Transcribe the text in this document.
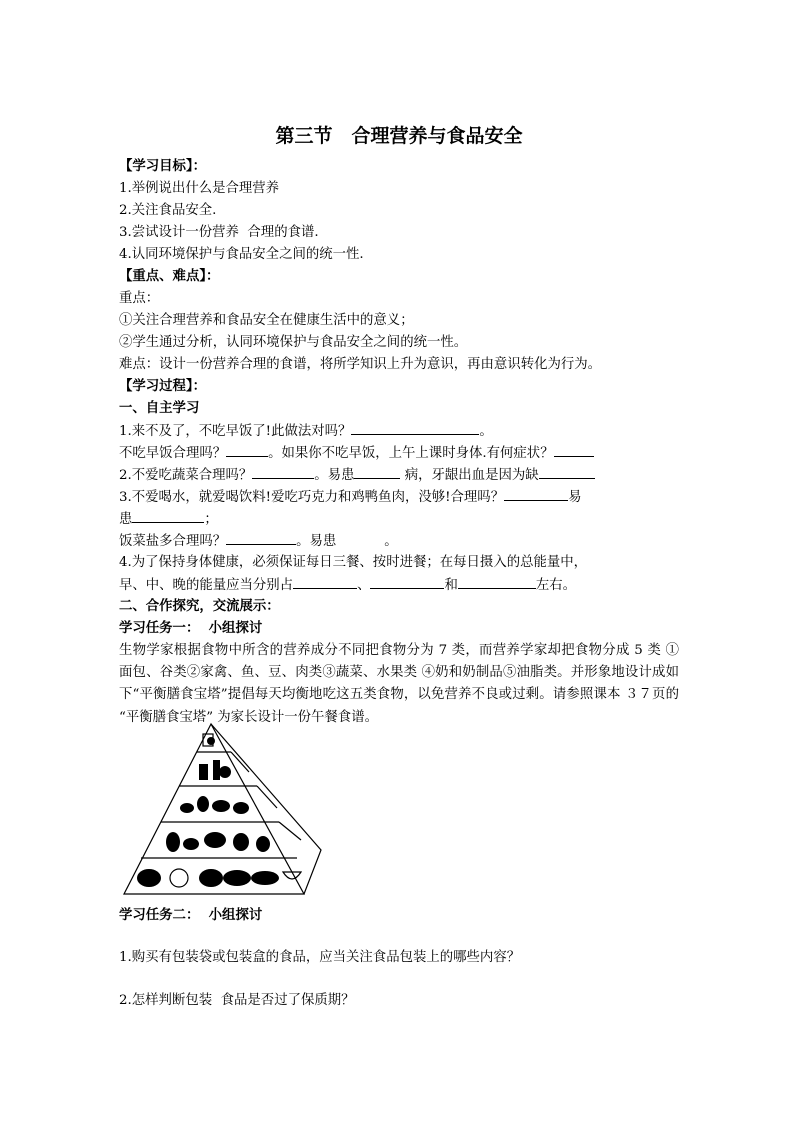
第三节　合理营养与食品安全
【学习目标】：
1.举例说出什么是合理营养
2.关注食品安全.
3.尝试设计一份营养  合理的食谱.
4.认同环境保护与食品安全之间的统一性.
【重点、难点】：
重点：
①关注合理营养和食品安全在健康生活中的意义；
②学生通过分析，认同环境保护与食品安全之间的统一性。
难点：设计一份营养合理的食谱，将所学知识上升为意识，再由意识转化为行为。
【学习过程】：
一、自主学习
1.来不及了，不吃早饭了!此做法对吗？	。
不吃早饭合理吗？	。如果你不吃早饭，上午上课时身体.有何症状？
2.不爱吃蔬菜合理吗？	。易患	病，牙龈出血是因为缺
3.不爱喝水，就爱喝饮料!爱吃巧克力和鸡鸭鱼肉，没够!合理吗？	易
患	；
饭菜盐多合理吗？	。易患	。
4.为了保持身体健康，必须保证每日三餐、按时进餐；在每日摄入的总能量中，
早、中、晚的能量应当分别占	、	和	左右。
二、合作探究，交流展示：
学习任务一：  小组探讨
生物学家根据食物中所含的营养成分不同把食物分为 7 类，而营养学家却把食物分成 5 类 ①面包、谷类②家禽、鱼、豆、肉类③蔬菜、水果类 ④奶和奶制品⑤油脂类。并形象地设计成如下“平衡膳食宝塔”提倡每天均衡地吃这五类食物，以免营养不良或过剩。请参照课本 ３７页的 “平衡膳食宝塔” 为家长设计一份午餐食谱。
学习任务二：  小组探讨
1.购买有包装袋或包装盒的食品，应当关注食品包装上的哪些内容？
2.怎样判断包装  食品是否过了保质期？
